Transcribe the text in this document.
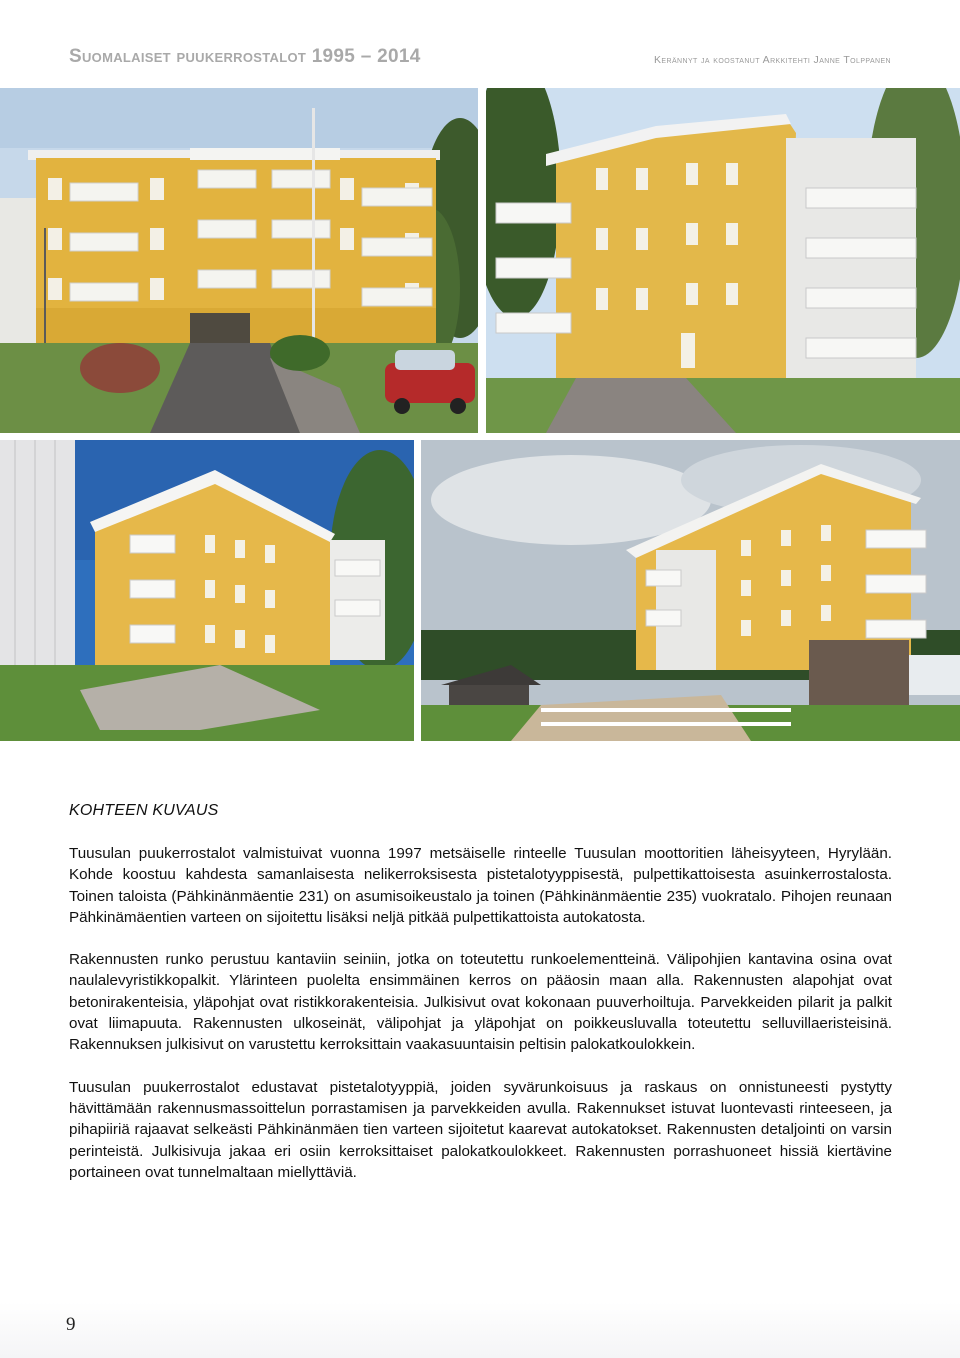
Suomalaiset puukerrostalot 1995 – 2014	Kerännyt ja koostanut Arkkitehti Janne Tolppanen
KOHTEEN KUVAUS

Tuusulan puukerrostalot valmistuivat vuonna 1997 metsäiselle rinteelle Tuusulan moottoritien läheisyyteen, Hyrylään. Kohde koostuu kahdesta samanlaisesta nelikerroksisesta pistetalotyyppisestä, pulpettikattoisesta asuinkerrostalosta. Toinen taloista (Pähkinänmäentie 231) on asumisoikeustalo ja toinen (Pähkinänmäentie 235) vuokratalo. Pihojen reunaan Pähkinämäentien varteen on sijoitettu lisäksi neljä pitkää pulpettikattoista autokatosta.

Rakennusten runko perustuu kantaviin seiniin, jotka on toteutettu runkoelementteinä. Välipohjien kantavina osina ovat naulalevyristikkopalkit. Ylärinteen puolelta ensimmäinen kerros on pääosin maan alla. Rakennusten alapohjat ovat betonirakenteisia, yläpohjat ovat ristikkorakenteisia. Julkisivut ovat kokonaan puuverhoiltuja. Parvekkeiden pilarit ja palkit ovat liimapuuta. Rakennusten ulkoseinät, välipohjat ja yläpohjat on poikkeusluvalla toteutettu selluvillaeristeisinä. Rakennuksen julkisivut on varustettu kerroksittain vaakasuuntaisin peltisin palokatkoulokkein.

Tuusulan puukerrostalot edustavat pistetalotyyppiä, joiden syvärunkoisuus ja raskaus on onnistuneesti pystytty hävittämään rakennusmassoittelun porrastamisen ja parvekkeiden avulla. Rakennukset istuvat luontevasti rinteeseen, ja pihapiiriä rajaavat selkeästi Pähkinänmäen tien varteen sijoitetut kaarevat autokatokset. Rakennusten detaljointi on varsin perinteistä. Julkisivuja jakaa eri osiin kerroksittaiset palokatkoulokkeet. Rakennusten porrashuoneet hissiä kiertävine portaineen ovat tunnelmaltaan miellyttäviä.

9
